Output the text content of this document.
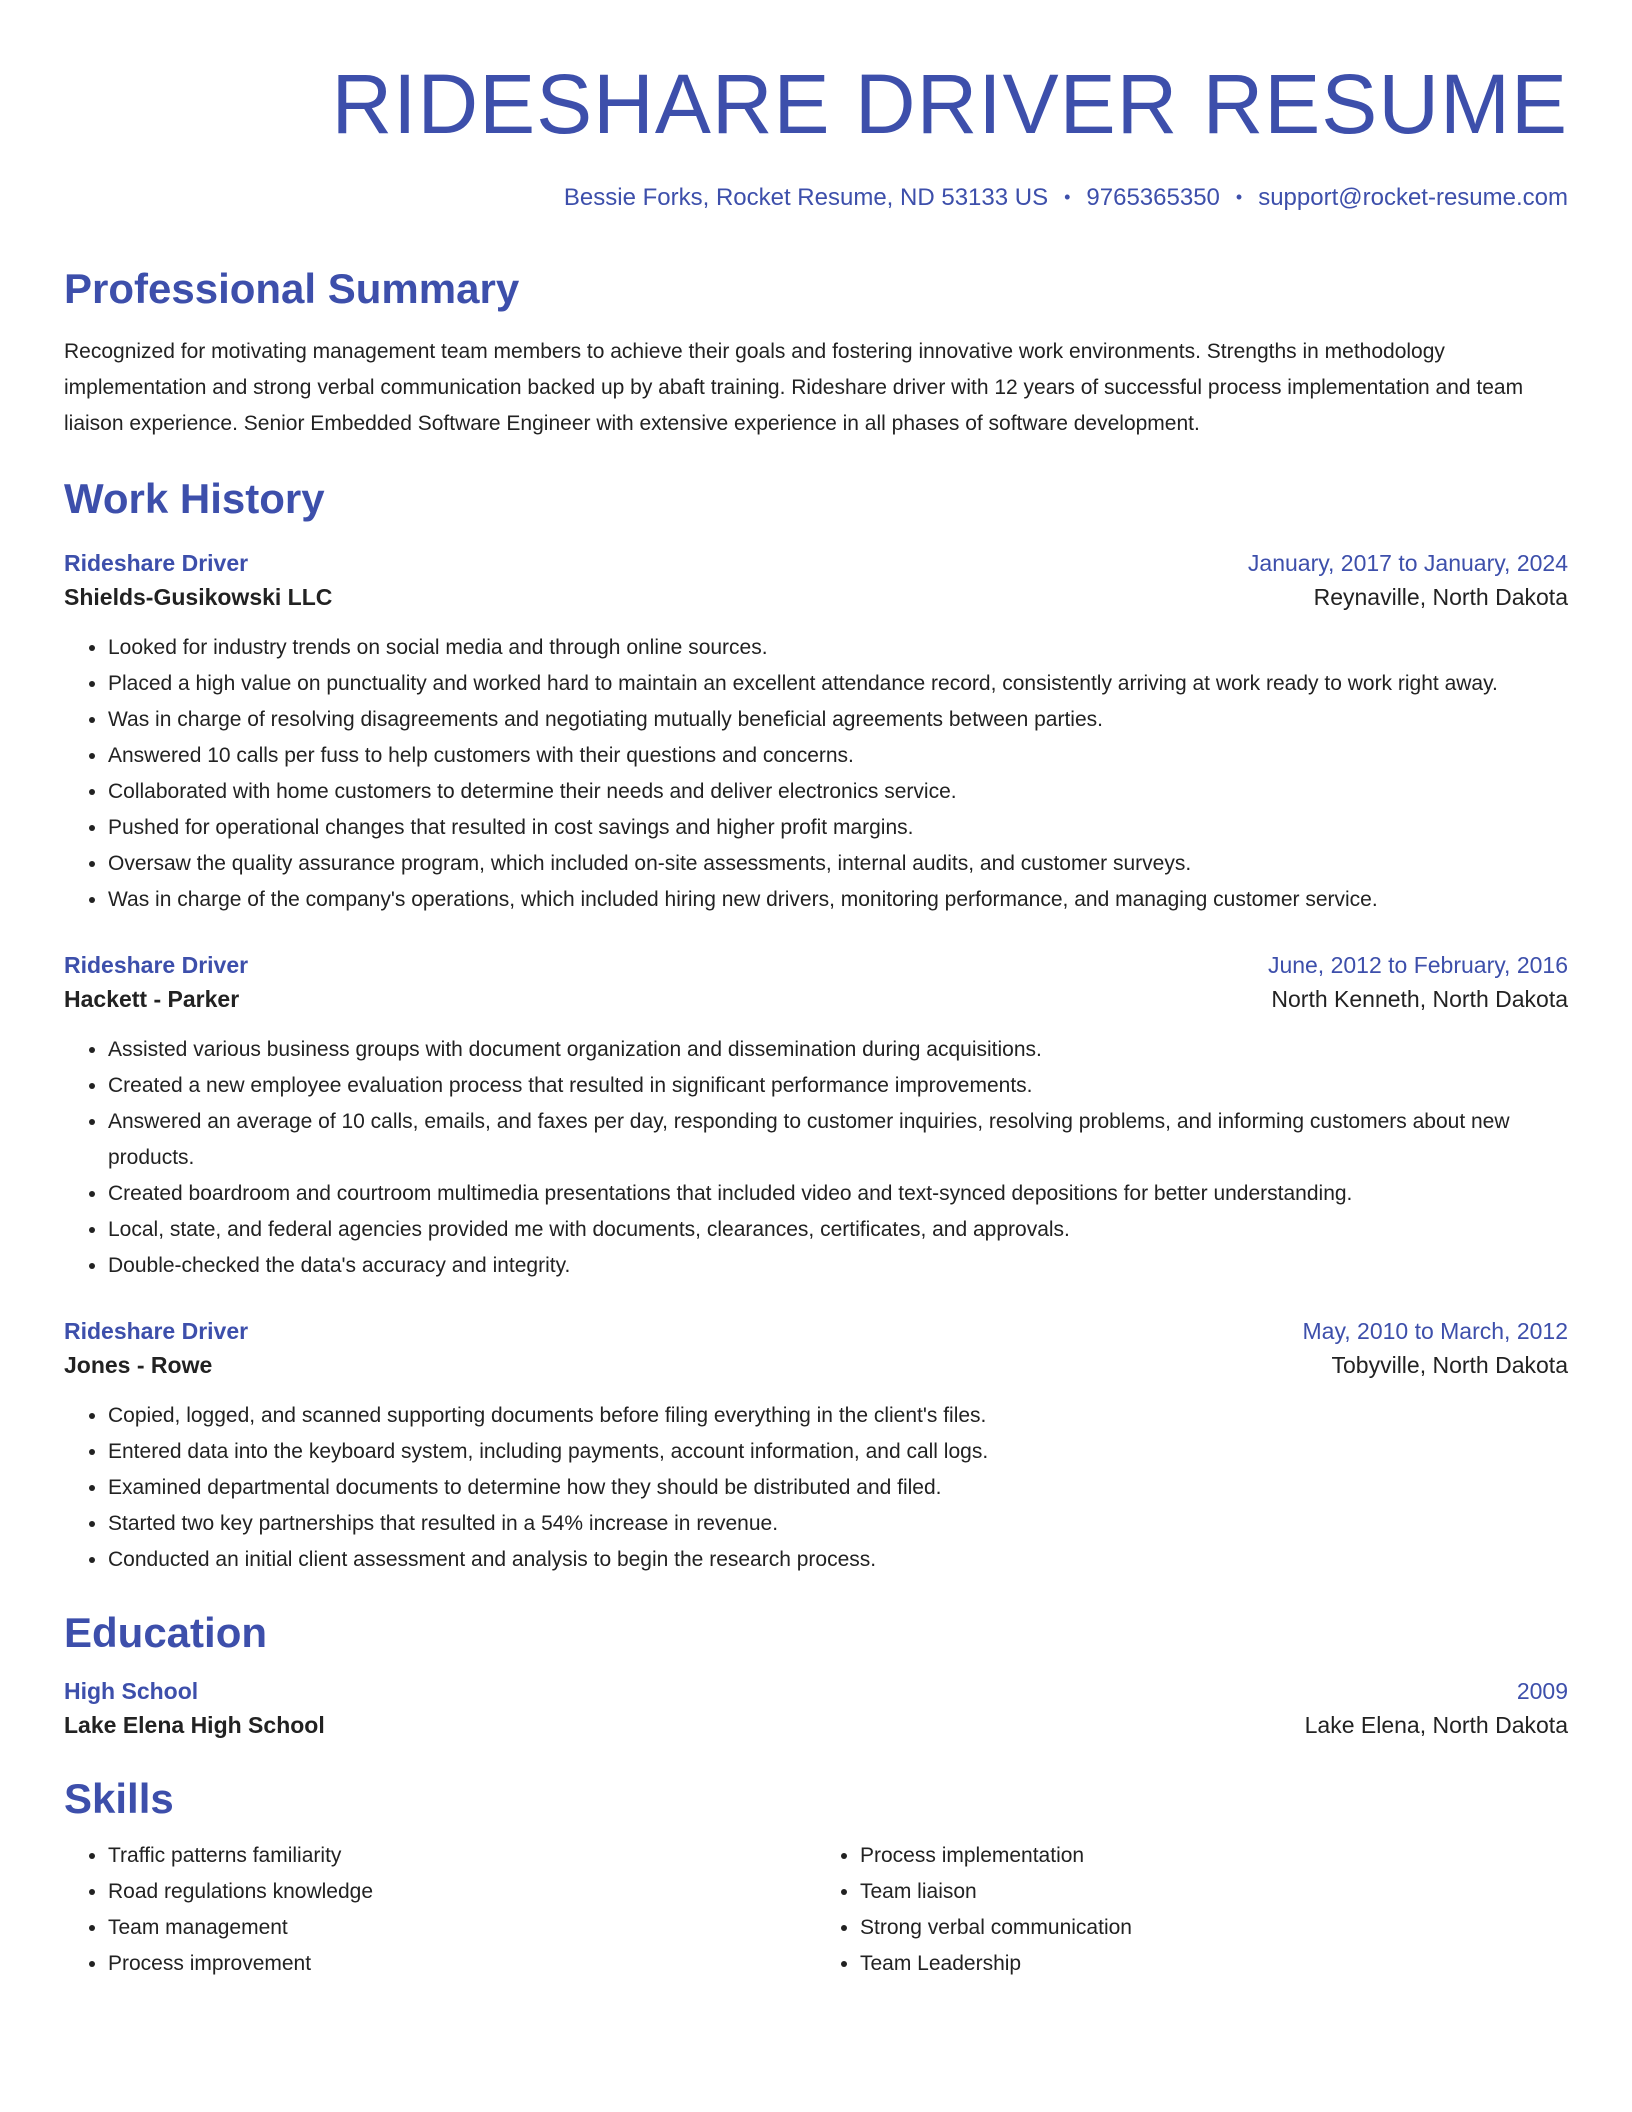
RIDESHARE DRIVER RESUME
Bessie Forks, Rocket Resume, ND 53133 US • 9765365350 • support@rocket-resume.com
Professional Summary
Recognized for motivating management team members to achieve their goals and fostering innovative work environments. Strengths in methodology implementation and strong verbal communication backed up by abaft training. Rideshare driver with 12 years of successful process implementation and team liaison experience. Senior Embedded Software Engineer with extensive experience in all phases of software development.
Work History
Rideshare Driver	January, 2017 to January, 2024
Shields-Gusikowski LLC	Reynaville, North Dakota
• Looked for industry trends on social media and through online sources.
• Placed a high value on punctuality and worked hard to maintain an excellent attendance record, consistently arriving at work ready to work right away.
• Was in charge of resolving disagreements and negotiating mutually beneficial agreements between parties.
• Answered 10 calls per fuss to help customers with their questions and concerns.
• Collaborated with home customers to determine their needs and deliver electronics service.
• Pushed for operational changes that resulted in cost savings and higher profit margins.
• Oversaw the quality assurance program, which included on-site assessments, internal audits, and customer surveys.
• Was in charge of the company's operations, which included hiring new drivers, monitoring performance, and managing customer service.
Rideshare Driver	June, 2012 to February, 2016
Hackett - Parker	North Kenneth, North Dakota
• Assisted various business groups with document organization and dissemination during acquisitions.
• Created a new employee evaluation process that resulted in significant performance improvements.
• Answered an average of 10 calls, emails, and faxes per day, responding to customer inquiries, resolving problems, and informing customers about new products.
• Created boardroom and courtroom multimedia presentations that included video and text-synced depositions for better understanding.
• Local, state, and federal agencies provided me with documents, clearances, certificates, and approvals.
• Double-checked the data's accuracy and integrity.
Rideshare Driver	May, 2010 to March, 2012
Jones - Rowe	Tobyville, North Dakota
• Copied, logged, and scanned supporting documents before filing everything in the client's files.
• Entered data into the keyboard system, including payments, account information, and call logs.
• Examined departmental documents to determine how they should be distributed and filed.
• Started two key partnerships that resulted in a 54% increase in revenue.
• Conducted an initial client assessment and analysis to begin the research process.
Education
High School	2009
Lake Elena High School	Lake Elena, North Dakota
Skills
• Traffic patterns familiarity
• Road regulations knowledge
• Team management
• Process improvement
• Process implementation
• Team liaison
• Strong verbal communication
• Team Leadership
